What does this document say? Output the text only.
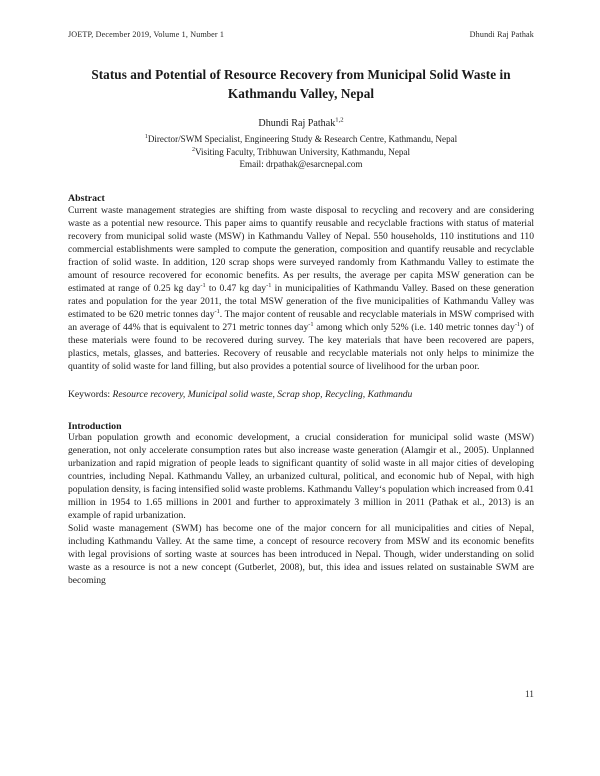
JOETP, December 2019, Volume 1, Number 1	Dhundi Raj Pathak
Status and Potential of Resource Recovery from Municipal Solid Waste in Kathmandu Valley, Nepal
Dhundi Raj Pathak$^{1,2}$
$^1$Director/SWM Specialist, Engineering Study & Research Centre, Kathmandu, Nepal
$^2$Visiting Faculty, Tribhuwan University, Kathmandu, Nepal
Email: drpathak@esarcnepal.com
Abstract

Current waste management strategies are shifting from waste disposal to recycling and recovery and are considering waste as a potential new resource. This paper aims to quantify reusable and recyclable fractions with status of material recovery from municipal solid waste (MSW) in Kathmandu Valley of Nepal. 550 households, 110 institutions and 110 commercial establishments were sampled to compute the generation, composition and quantify reusable and recyclable fraction of solid waste. In addition, 120 scrap shops were surveyed randomly from Kathmandu Valley to estimate the amount of resource recovered for economic benefits. As per results, the average per capita MSW generation can be estimated at range of 0.25 kg day$^{-1}$ to 0.47 kg day$^{-1}$ in municipalities of Kathmandu Valley. Based on these generation rates and population for the year 2011, the total MSW generation of the five municipalities of Kathmandu Valley was estimated to be 620 metric tonnes day$^{-1}$. The major content of reusable and recyclable materials in MSW comprised with an average of 44% that is equivalent to 271 metric tonnes day$^{-1}$ among which only 52% (i.e. 140 metric tonnes day$^{-1}$) of these materials were found to be recovered during survey. The key materials that have been recovered are papers, plastics, metals, glasses, and batteries. Recovery of reusable and recyclable materials not only helps to minimize the quantity of solid waste for land filling, but also provides a potential source of livelihood for the urban poor.

Keywords: Resource recovery, Municipal solid waste, Scrap shop, Recycling, Kathmandu

Introduction

Urban population growth and economic development, a crucial consideration for municipal solid waste (MSW) generation, not only accelerate consumption rates but also increase waste generation (Alamgir et al., 2005). Unplanned urbanization and rapid migration of people leads to significant quantity of solid waste in all major cities of developing countries, including Nepal. Kathmandu Valley, an urbanized cultural, political, and economic hub of Nepal, with high population density, is facing intensified solid waste problems. Kathmandu Valley‘s population which increased from 0.41 million in 1954 to 1.65 millions in 2001 and further to approximately 3 million in 2011 (Pathak et al., 2013) is an example of rapid urbanization.

Solid waste management (SWM) has become one of the major concern for all municipalities and cities of Nepal, including Kathmandu Valley. At the same time, a concept of resource recovery from MSW and its economic benefits with legal provisions of sorting waste at sources has been introduced in Nepal. Though, wider understanding on solid waste as a resource is not a new concept (Gutberlet, 2008), but, this idea and issues related on sustainable SWM are becoming

11
